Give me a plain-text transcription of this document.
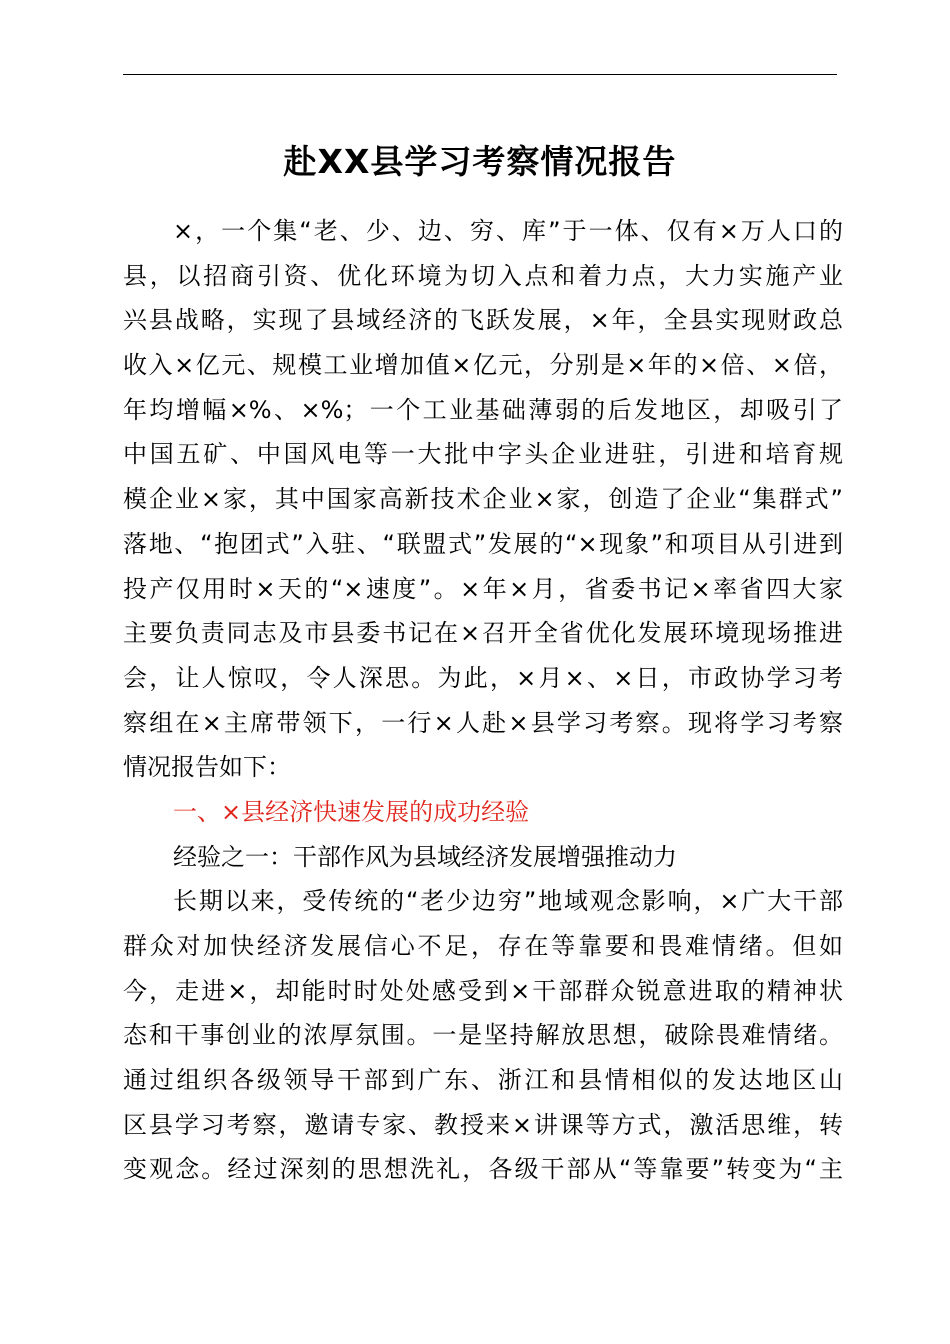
赴XX县学习考察情况报告
×，一个集“老、少、边、穷、库”于一体、仅有×万人口的
县，以招商引资、优化环境为切入点和着力点，大力实施产业
兴县战略，实现了县域经济的飞跃发展，×年，全县实现财政总
收入×亿元、规模工业增加值×亿元，分别是×年的×倍、×倍，
年均增幅×%、×%；一个工业基础薄弱的后发地区，却吸引了
中国五矿、中国风电等一大批中字头企业进驻，引进和培育规
模企业×家，其中国家高新技术企业×家，创造了企业“集群式”
落地、“抱团式”入驻、“联盟式”发展的“×现象”和项目从引进到
投产仅用时×天的“×速度”。×年×月，省委书记×率省四大家
主要负责同志及市县委书记在×召开全省优化发展环境现场推进
会，让人惊叹，令人深思。为此，×月×、×日，市政协学习考
察组在×主席带领下，一行×人赴×县学习考察。现将学习考察
情况报告如下：
一、×县经济快速发展的成功经验
经验之一：干部作风为县域经济发展增强推动力
长期以来，受传统的“老少边穷”地域观念影响，×广大干部
群众对加快经济发展信心不足，存在等靠要和畏难情绪。但如
今，走进×，却能时时处处感受到×干部群众锐意进取的精神状
态和干事创业的浓厚氛围。一是坚持解放思想，破除畏难情绪。
通过组织各级领导干部到广东、浙江和县情相似的发达地区山
区县学习考察，邀请专家、教授来×讲课等方式，激活思维，转
变观念。经过深刻的思想洗礼，各级干部从“等靠要”转变为“主
